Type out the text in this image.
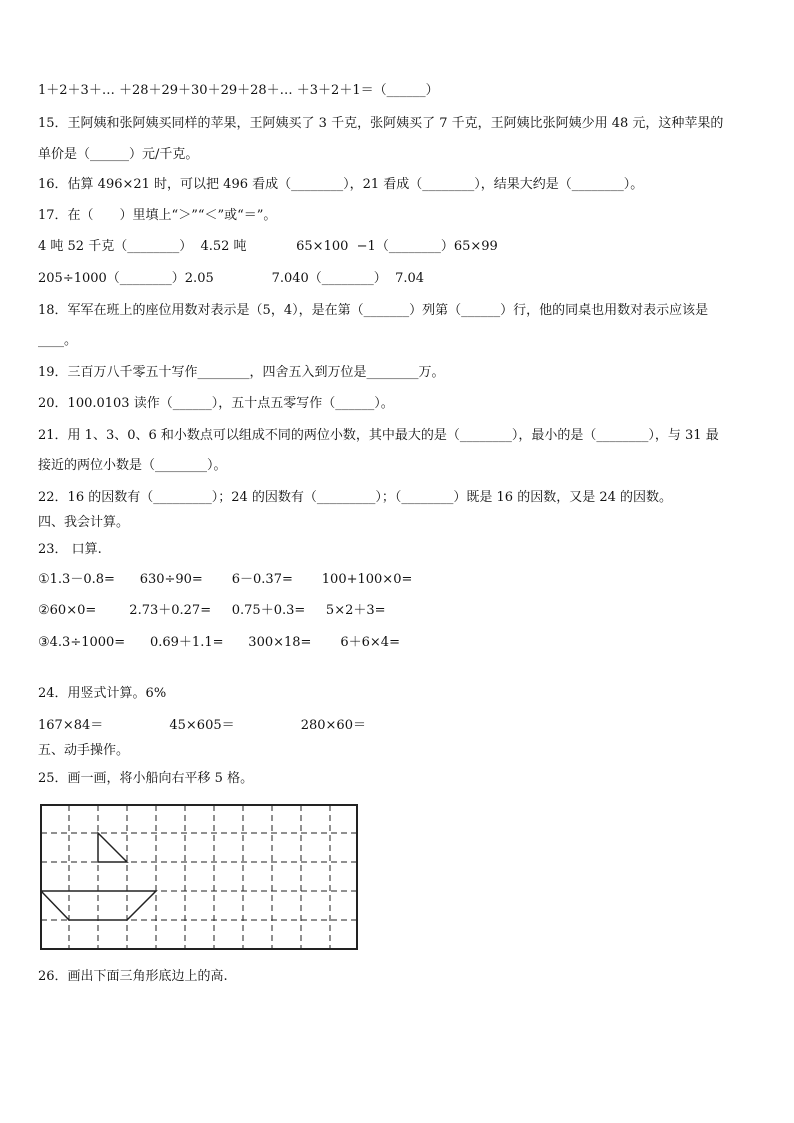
1＋2＋3＋… ＋28＋29＋30＋29＋28＋… ＋3＋2＋1＝（______）
15．王阿姨和张阿姨买同样的苹果，王阿姨买了 3 千克，张阿姨买了 7 千克，王阿姨比张阿姨少用 48 元，这种苹果的
单价是（______）元/千克。
16．估算 496×21 时，可以把 496 看成（________），21 看成（________），结果大约是（________）。
17．在（　　）里填上“＞”“＜”或“＝”。
4 吨 52 千克（________）  4.52 吨            65×100  −1（________）65×99
205÷1000（________）2.05              7.040（________）  7.04
18．军军在班上的座位用数对表示是（5，4），是在第（_______）列第（______）行，他的同桌也用数对表示应该是
____。
19．三百万八千零五十写作________，四舍五入到万位是________万。
20．100.0103 读作（______），五十点五零写作（______）。
21．用 1、3、0、6 和小数点可以组成不同的两位小数，其中最大的是（________），最小的是（________），与 31 最
接近的两位小数是（________）。
22．16 的因数有（_________）；24 的因数有（_________）；（________）既是 16 的因数，又是 24 的因数。
四、我会计算。
23． 口算.
①1.3－0.8=      630÷90=       6－0.37=       100+100×0=
②60×0=        2.73＋0.27=     0.75＋0.3=     5×2＋3=
③4.3÷1000=      0.69＋1.1=      300×18=       6＋6×4=
24．用竖式计算。6%
167×84＝                45×605＝                280×60＝
五、动手操作。
25．画一画，将小船向右平移 5 格。
26．画出下面三角形底边上的高.
